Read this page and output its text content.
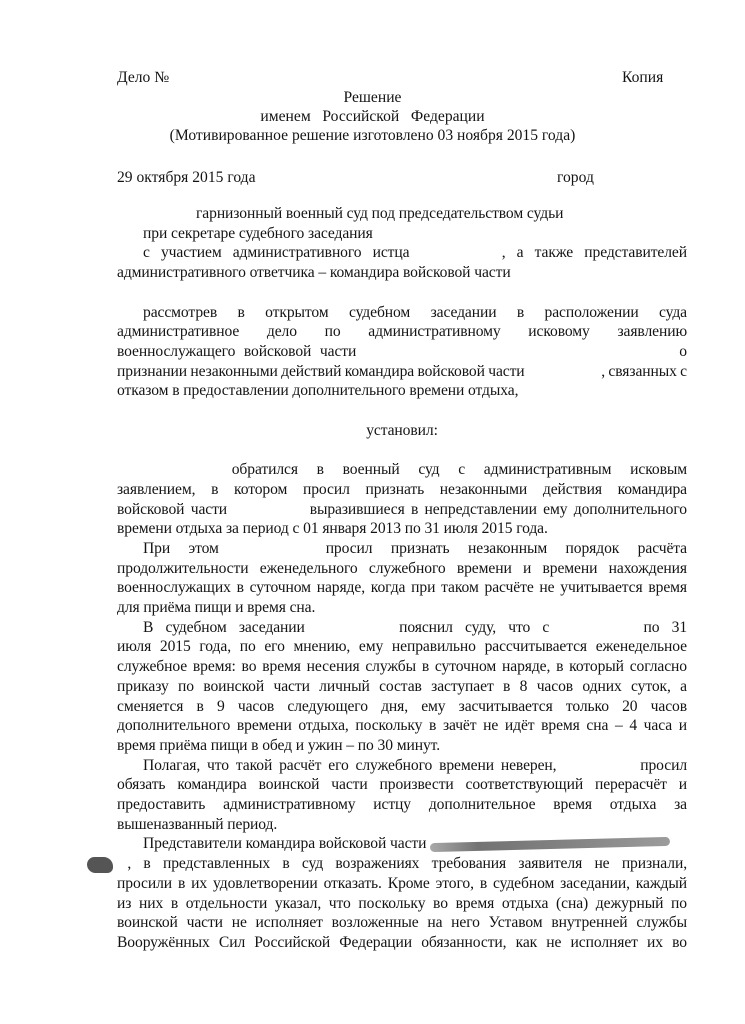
Дело №	Копия
Решение
именем   Российской   Федерации
(Мотивированное решение изготовлено 03 ноября 2015 года)
29 октября 2015 года	город
гарнизонный военный суд под председательством судьи
при секретаре судебного заседания
с участием административного истца	, а также представителей
административного ответчика – командира войсковой части
рассмотрев в открытом судебном заседании в расположении суда
административное дело по административному исковому заявлению
военнослужащего войсковой части	о
признании незаконными действий командира войсковой части	, связанных с
отказом в предоставлении дополнительного времени отдыха,
установил:
обратился в военный суд с административным исковым
заявлением, в котором просил признать незаконными действия командира
войсковой части	выразившиеся в непредставлении ему дополнительного
времени отдыха за период с 01 января 2013 по 31 июля 2015 года.
При этом	просил признать незаконным порядок расчёта
продолжительности еженедельного служебного времени и времени нахождения
военнослужащих в суточном наряде, когда при таком расчёте не учитывается время
для приёма пищи и время сна.
В судебном заседании	пояснил суду, что с	по 31
июля 2015 года, по его мнению, ему неправильно рассчитывается еженедельное
служебное время: во время несения службы в суточном наряде, в который согласно
приказу по воинской части личный состав заступает в 8 часов одних суток, а
сменяется в 9 часов следующего дня, ему засчитывается только 20 часов
дополнительного времени отдыха, поскольку в зачёт не идёт время сна – 4 часа и
время приёма пищи в обед и ужин – по 30 минут.
Полагая, что такой расчёт его служебного времени неверен,	просил
обязать командира воинской части произвести соответствующий перерасчёт и
предоставить административному истцу дополнительное время отдыха за
вышеназванный период.
Представители командира войсковой части
, в представленных в суд возражениях требования заявителя не признали,
просили в их удовлетворении отказать. Кроме этого, в судебном заседании, каждый
из них в отдельности указал, что поскольку во время отдыха (сна) дежурный по
воинской части не исполняет возложенные на него Уставом внутренней службы
Вооружённых Сил Российской Федерации обязанности, как не исполняет их во
